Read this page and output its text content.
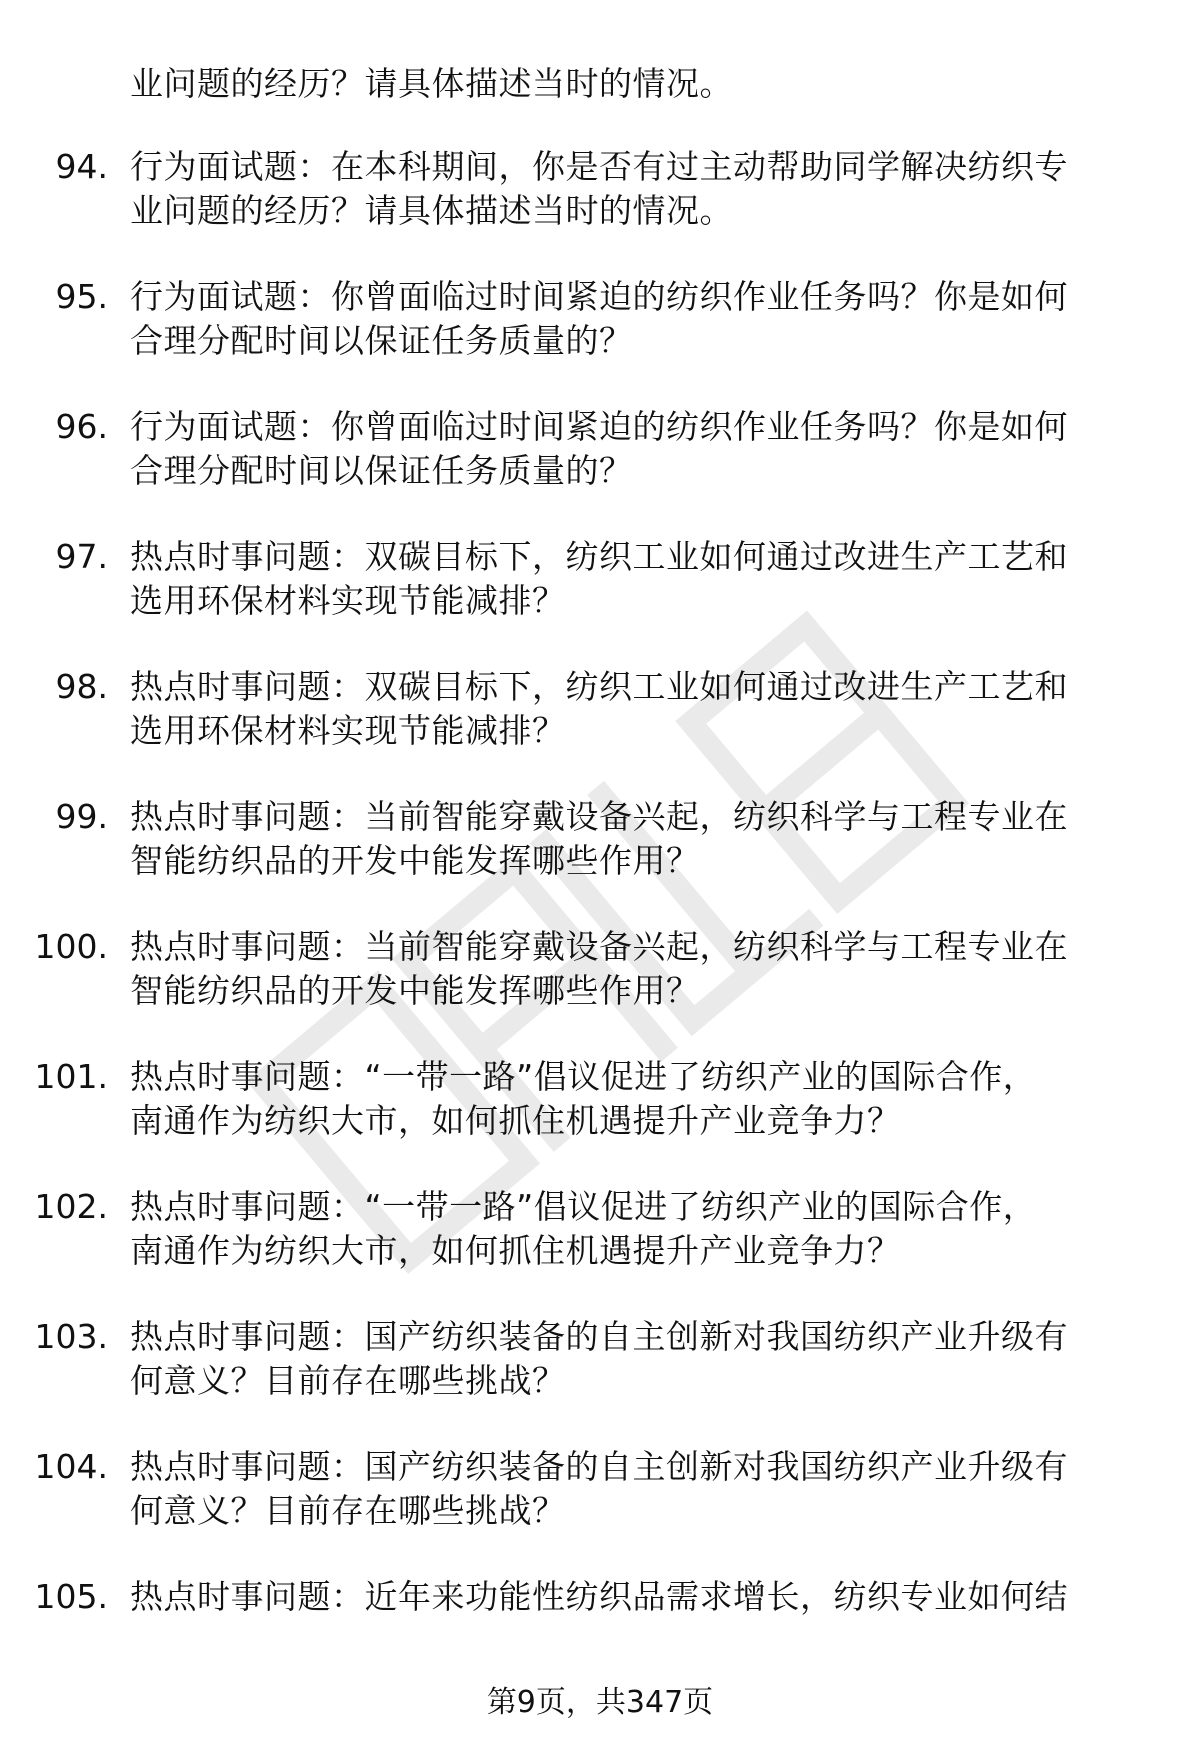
业问题的经历？请具体描述当时的情况。
94. 行为面试题：在本科期间，你是否有过主动帮助同学解决纺织专
业问题的经历？请具体描述当时的情况。
95. 行为面试题：你曾面临过时间紧迫的纺织作业任务吗？你是如何
合理分配时间以保证任务质量的？
96. 行为面试题：你曾面临过时间紧迫的纺织作业任务吗？你是如何
合理分配时间以保证任务质量的？
97. 热点时事问题：双碳目标下，纺织工业如何通过改进生产工艺和
选用环保材料实现节能减排？
98. 热点时事问题：双碳目标下，纺织工业如何通过改进生产工艺和
选用环保材料实现节能减排？
99. 热点时事问题：当前智能穿戴设备兴起，纺织科学与工程专业在
智能纺织品的开发中能发挥哪些作用？
100. 热点时事问题：当前智能穿戴设备兴起，纺织科学与工程专业在
智能纺织品的开发中能发挥哪些作用？
101. 热点时事问题：“一带一路”倡议促进了纺织产业的国际合作，
南通作为纺织大市，如何抓住机遇提升产业竞争力？
102. 热点时事问题：“一带一路”倡议促进了纺织产业的国际合作，
南通作为纺织大市，如何抓住机遇提升产业竞争力？
103. 热点时事问题：国产纺织装备的自主创新对我国纺织产业升级有
何意义？目前存在哪些挑战？
104. 热点时事问题：国产纺织装备的自主创新对我国纺织产业升级有
何意义？目前存在哪些挑战？
105. 热点时事问题：近年来功能性纺织品需求增长，纺织专业如何结
第9页，共347页
